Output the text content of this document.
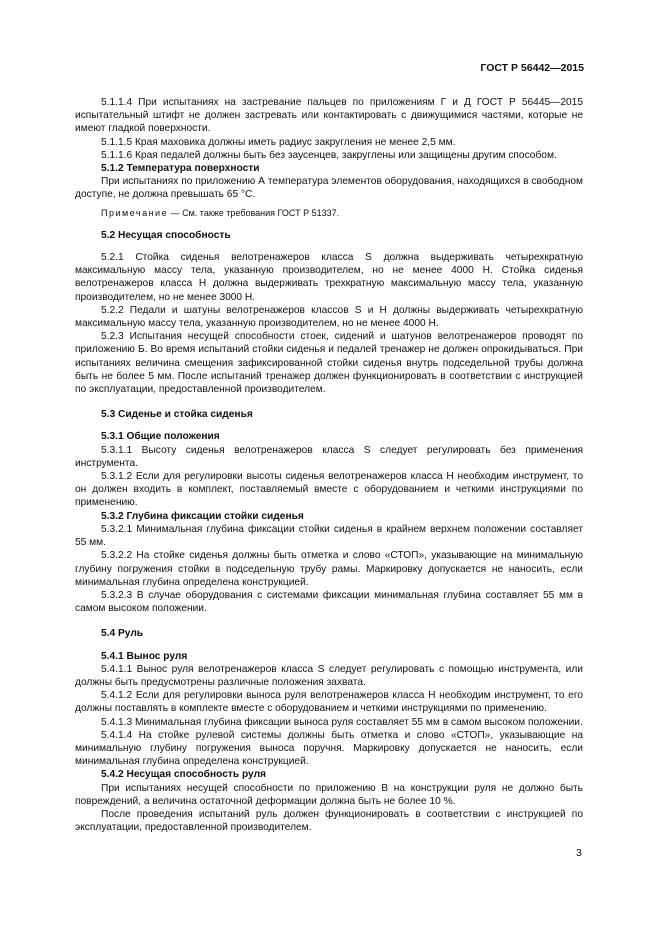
ГОСТ Р 56442—2015

5.1.1.4 При испытаниях на застревание пальцев по приложениям Г и Д ГОСТ Р 56445—2015 испытательный штифт не должен застревать или контактировать с движущимися частями, которые не имеют гладкой поверхности.

5.1.1.5 Края маховика должны иметь радиус закругления не менее 2,5 мм.

5.1.1.6 Края педалей должны быть без заусенцев, закруглены или защищены другим способом.

5.1.2 Температура поверхности

При испытаниях по приложению А температура элементов оборудования, находящихся в свободном доступе, не должна превышать 65 °С.

Примечание — См. также требования ГОСТ Р 51337.

5.2 Несущая способность

5.2.1 Стойка сиденья велотренажеров класса S должна выдерживать четырехкратную максимальную массу тела, указанную производителем, но не менее 4000 Н. Стойка сиденья велотренажеров класса Н должна выдерживать трехкратную максимальную массу тела, указанную производителем, но не менее 3000 Н.

5.2.2 Педали и шатуны велотренажеров классов S и Н должны выдерживать четырехкратную максимальную массу тела, указанную производителем, но не менее 4000 Н.

5.2.3 Испытания несущей способности стоек, сидений и шатунов велотренажеров проводят по приложению Б. Во время испытаний стойки сиденья и педалей тренажер не должен опрокидываться. При испытаниях величина смещения зафиксированной стойки сиденья внутрь подседельной трубы должна быть не более 5 мм. После испытаний тренажер должен функционировать в соответствии с инструкцией по эксплуатации, предоставленной производителем.

5.3 Сиденье и стойка сиденья

5.3.1 Общие положения

5.3.1.1 Высоту сиденья велотренажеров класса S следует регулировать без применения инструмента.

5.3.1.2 Если для регулировки высоты сиденья велотренажеров класса Н необходим инструмент, то он должен входить в комплект, поставляемый вместе с оборудованием и четкими инструкциями по применению.

5.3.2 Глубина фиксации стойки сиденья

5.3.2.1 Минимальная глубина фиксации стойки сиденья в крайнем верхнем положении составляет 55 мм.

5.3.2.2 На стойке сиденья должны быть отметка и слово «СТОП», указывающие на минимальную глубину погружения стойки в подседельную трубу рамы. Маркировку допускается не наносить, если минимальная глубина определена конструкцией.

5.3.2.3 В случае оборудования с системами фиксации минимальная глубина составляет 55 мм в самом высоком положении.

5.4 Руль

5.4.1 Вынос руля

5.4.1.1 Вынос руля велотренажеров класса S следует регулировать с помощью инструмента, или должны быть предусмотрены различные положения захвата.

5.4.1.2 Если для регулировки выноса руля велотренажеров класса Н необходим инструмент, то его должны поставлять в комплекте вместе с оборудованием и четкими инструкциями по применению.

5.4.1.3 Минимальная глубина фиксации выноса руля составляет 55 мм в самом высоком положении.

5.4.1.4 На стойке рулевой системы должны быть отметка и слово «СТОП», указывающие на минимальную глубину погружения выноса поручня. Маркировку допускается не наносить, если минимальная глубина определена конструкцией.

5.4.2 Несущая способность руля

При испытаниях несущей способности по приложению В на конструкции руля не должно быть повреждений, а величина остаточной деформации должна быть не более 10 %.

После проведения испытаний руль должен функционировать в соответствии с инструкцией по эксплуатации, предоставленной производителем.

3
